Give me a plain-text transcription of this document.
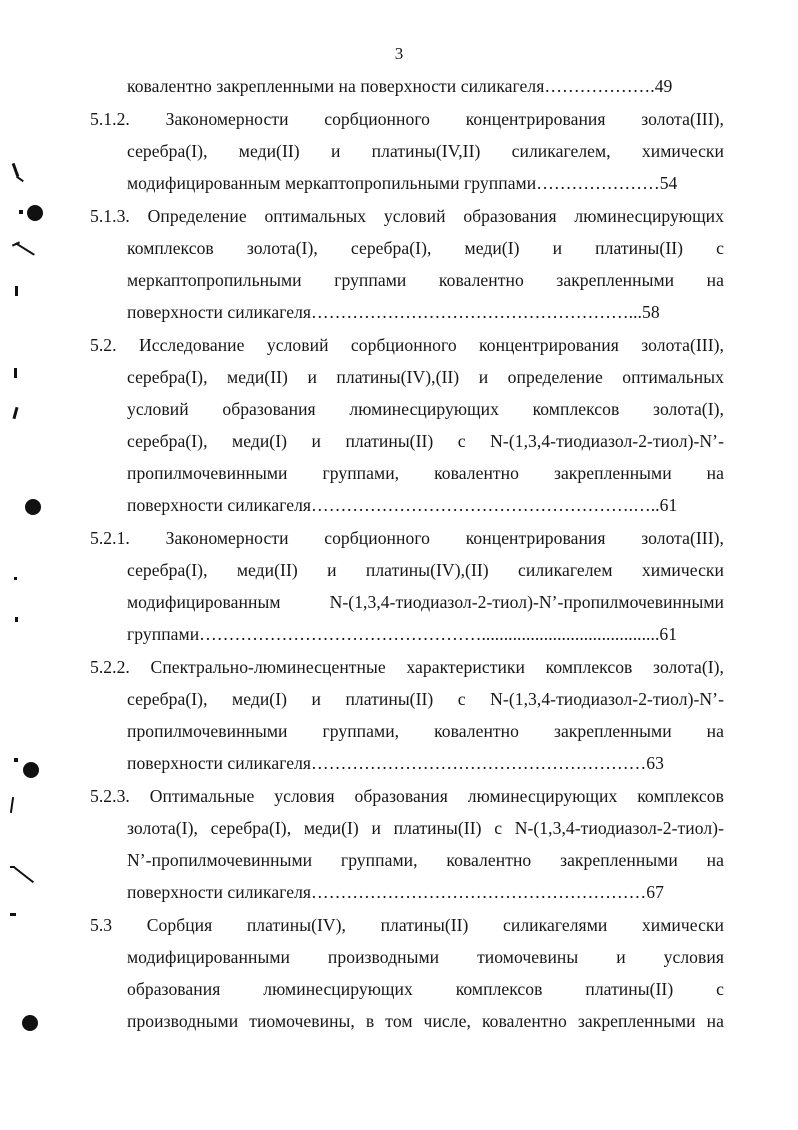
3
ковалентно закрепленными на поверхности силикагеля……………….49
5.1.2. Закономерности сорбционного концентрирования золота(III),
серебра(I), меди(II) и платины(IV,II) силикагелем, химически
модифицированным меркаптопропильными группами…………………54
5.1.3. Определение оптимальных условий образования люминесцирующих
комплексов золота(I), серебра(I), меди(I) и платины(II) с
меркаптопропильными группами ковалентно закрепленными на
поверхности силикагеля………………………………………………...58
5.2. Исследование условий сорбционного концентрирования золота(III),
серебра(I), меди(II) и платины(IV),(II) и определение оптимальных
условий образования люминесцирующих комплексов золота(I),
серебра(I), меди(I) и платины(II) с N-(1,3,4-тиодиазол-2-тиол)-N’-
пропилмочевинными группами, ковалентно закрепленными на
поверхности силикагеля……………………………………………….…..61
5.2.1. Закономерности сорбционного концентрирования золота(III),
серебра(I), меди(II) и платины(IV),(II) силикагелем химически
модифицированным N-(1,3,4-тиодиазол-2-тиол)-N’-пропилмочевинными
группами…………………………………………........................................61
5.2.2. Спектрально-люминесцентные характеристики комплексов золота(I),
серебра(I), меди(I) и платины(II) с N-(1,3,4-тиодиазол-2-тиол)-N’-
пропилмочевинными группами, ковалентно закрепленными на
поверхности силикагеля…………………………………………………63
5.2.3. Оптимальные условия образования люминесцирующих комплексов
золота(I), серебра(I), меди(I) и платины(II) с N-(1,3,4-тиодиазол-2-тиол)-
N’-пропилмочевинными группами, ковалентно закрепленными на
поверхности силикагеля…………………………………………………67
5.3 Сорбция платины(IV), платины(II) силикагелями химически
модифицированными производными тиомочевины и условия
образования люминесцирующих комплексов платины(II) с
производными тиомочевины, в том числе, ковалентно закрепленными на
